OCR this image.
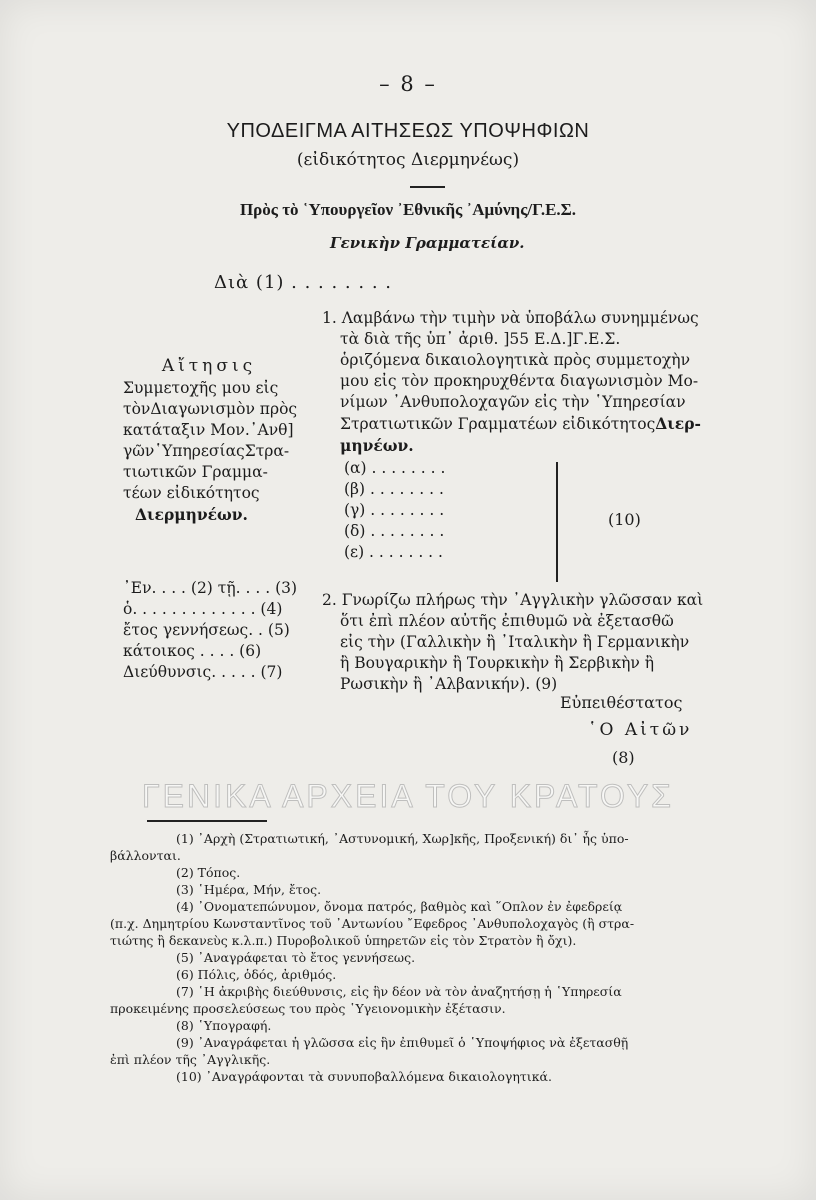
– 8 –
ΥΠΟΔΕΙΓΜΑ ΑΙΤΗΣΕΩΣ ΥΠΟΨΗΦΙΩΝ
(εἰδικότητος Διερμηνέως)
Πρὸς τὸ ῾Υπουργεῖον ᾿Εθνικῆς ᾿Αμύνης/Γ.Ε.Σ.
Γενικὴν Γραμματείαν.
Διὰ (1) . . . . . . . .
Αἴτησις
Συμμετοχῆς μου εἰς
τὸνΔιαγωνισμὸν πρὸς
κατάταξιν Μον.᾿Ανθ]
γῶν῾ΥπηρεσίαςΣτρα-
τιωτικῶν Γραμμα-
τέων εἰδικότητος
Διερμηνέων.
᾿Εν. . . . (2) τῇ. . . . (3)
ὁ. . . . . . . . . . . . . (4)
ἔτος γεννήσεως. . (5)
κάτοικος . . . . (6)
Διεύθυνσις. . . . . (7)
1. Λαμβάνω τὴν τιμὴν νὰ ὑποβάλω συνημμένως
τὰ διὰ τῆς ὑπ᾿ ἀριθ. ]55 Ε.Δ.]Γ.Ε.Σ.
ὁριζόμενα δικαιολογητικὰ πρὸς συμμετοχὴν
μου εἰς τὸν προκηρυχθέντα διαγωνισμὸν Μο-
νίμων ᾿Ανθυπολοχαγῶν εἰς τὴν ῾Υπηρεσίαν
Στρατιωτικῶν Γραμματέων εἰδικότητοςΔιερ-
μηνέων.
(α) . . . . . . . .
(β) . . . . . . . .
(γ) . . . . . . . .
(δ) . . . . . . . .
(ε) . . . . . . . .
(10)
2. Γνωρίζω πλήρως τὴν ᾿Αγγλικὴν γλῶσσαν καὶ
ὅτι ἐπὶ πλέον αὐτῆς ἐπιθυμῶ νὰ ἐξετασθῶ
εἰς τὴν (Γαλλικὴν ἢ ᾿Ιταλικὴν ἢ Γερμανικὴν
ἢ Βουγαρικὴν ἢ Τουρκικὴν ἢ Σερβικὴν ἢ
Ρωσικὴν ἢ ᾿Αλβανικήν). (9)
Εὐπειθέστατος
῾Ο Αἰτῶν
(8)
ΓΕΝΙΚΑ ΑΡΧΕΙΑ ΤΟΥ ΚΡΑΤΟΥΣ
(1) ᾿Αρχὴ (Στρατιωτική, ᾿Αστυνομική, Χωρ]κῆς, Προξενική) δι᾿ ἧς ὑπο-
βάλλονται.
(2) Τόπος.
(3) ῾Ημέρα, Μήν, ἔτος.
(4) ᾿Ονοματεπώνυμον, ὄνομα πατρός, βαθμὸς καὶ ῞Οπλον ἐν ἐφεδρείᾳ
(π.χ. Δημητρίου Κωνσταντῖνος τοῦ ᾿Αντωνίου ῎Εφεδρος ᾿Ανθυπολοχαγὸς (ἢ στρα-
τιώτης ἢ δεκανεὺς κ.λ.π.) Πυροβολικοῦ ὑπηρετῶν εἰς τὸν Στρατὸν ἢ ὄχι).
(5) ᾿Αναγράφεται τὸ ἔτος γεννήσεως.
(6) Πόλις, ὁδός, ἀριθμός.
(7) ῾Η ἀκριβὴς διεύθυνσις, εἰς ἣν δέον νὰ τὸν ἀναζητήσῃ ἡ ῾Υπηρεσία
προκειμένης προσελεύσεως του πρὸς ῾Υγειονομικὴν ἐξέτασιν.
(8) ῾Υπογραφή.
(9) ᾿Αναγράφεται ἡ γλῶσσα εἰς ἣν ἐπιθυμεῖ ὁ ῾Υποψήφιος νὰ ἐξετασθῇ
ἐπὶ πλέον τῆς ᾿Αγγλικῆς.
(10) ᾿Αναγράφονται τὰ συνυποβαλλόμενα δικαιολογητικά.
